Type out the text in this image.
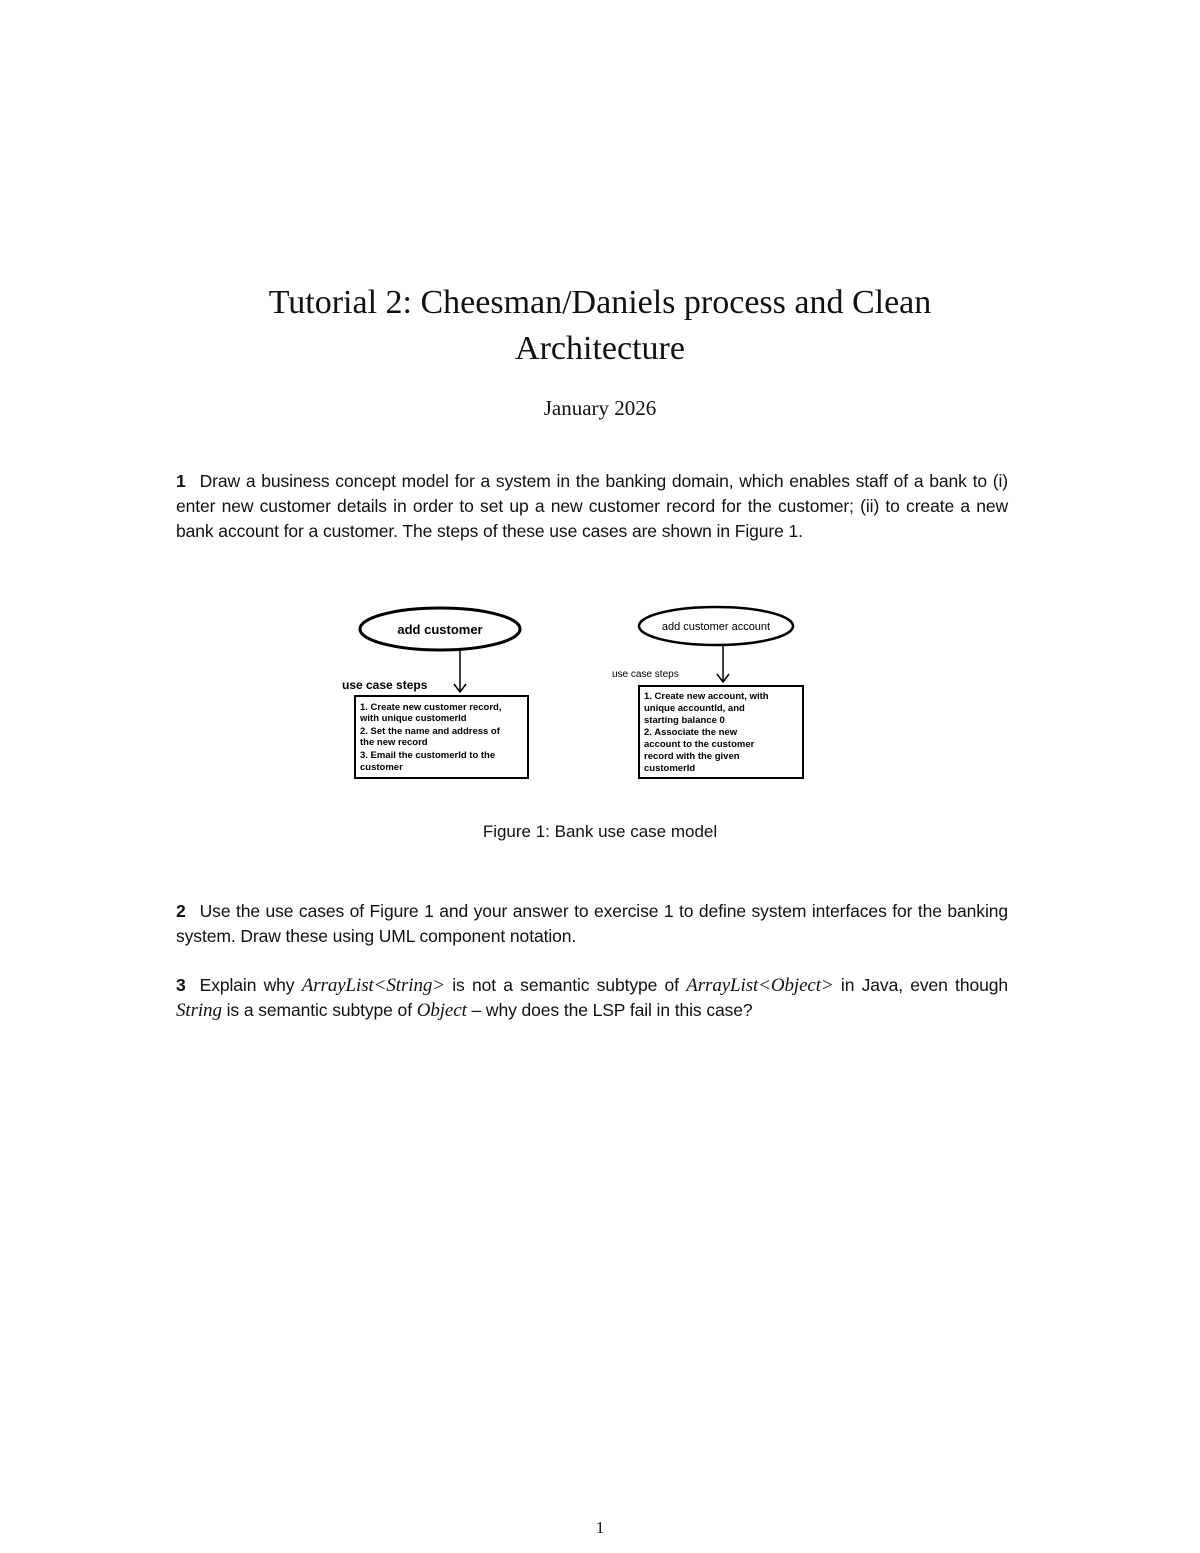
Tutorial 2: Cheesman/Daniels process and Clean
Architecture
January 2026
1 Draw a business concept model for a system in the banking domain, which enables staff of a bank to (i) enter new customer details in order to set up a new customer record for the customer; (ii) to create a new bank account for a customer. The steps of these use cases are shown in Figure 1.
add customer
use case steps
1. Create new customer record,
with unique customerId
2. Set the name and address of
the new record
3. Email the customerId to the
customer
add customer account
use case steps
1. Create new account, with
unique accountId, and
starting balance 0
2. Associate the new
account to the customer
record with the given
customerId
Figure 1: Bank use case model
2 Use the use cases of Figure 1 and your answer to exercise 1 to define system interfaces for the banking system. Draw these using UML component notation.
3 Explain why ArrayList<String> is not a semantic subtype of ArrayList<Object> in Java, even though String is a semantic subtype of Object – why does the LSP fail in this case?
1
